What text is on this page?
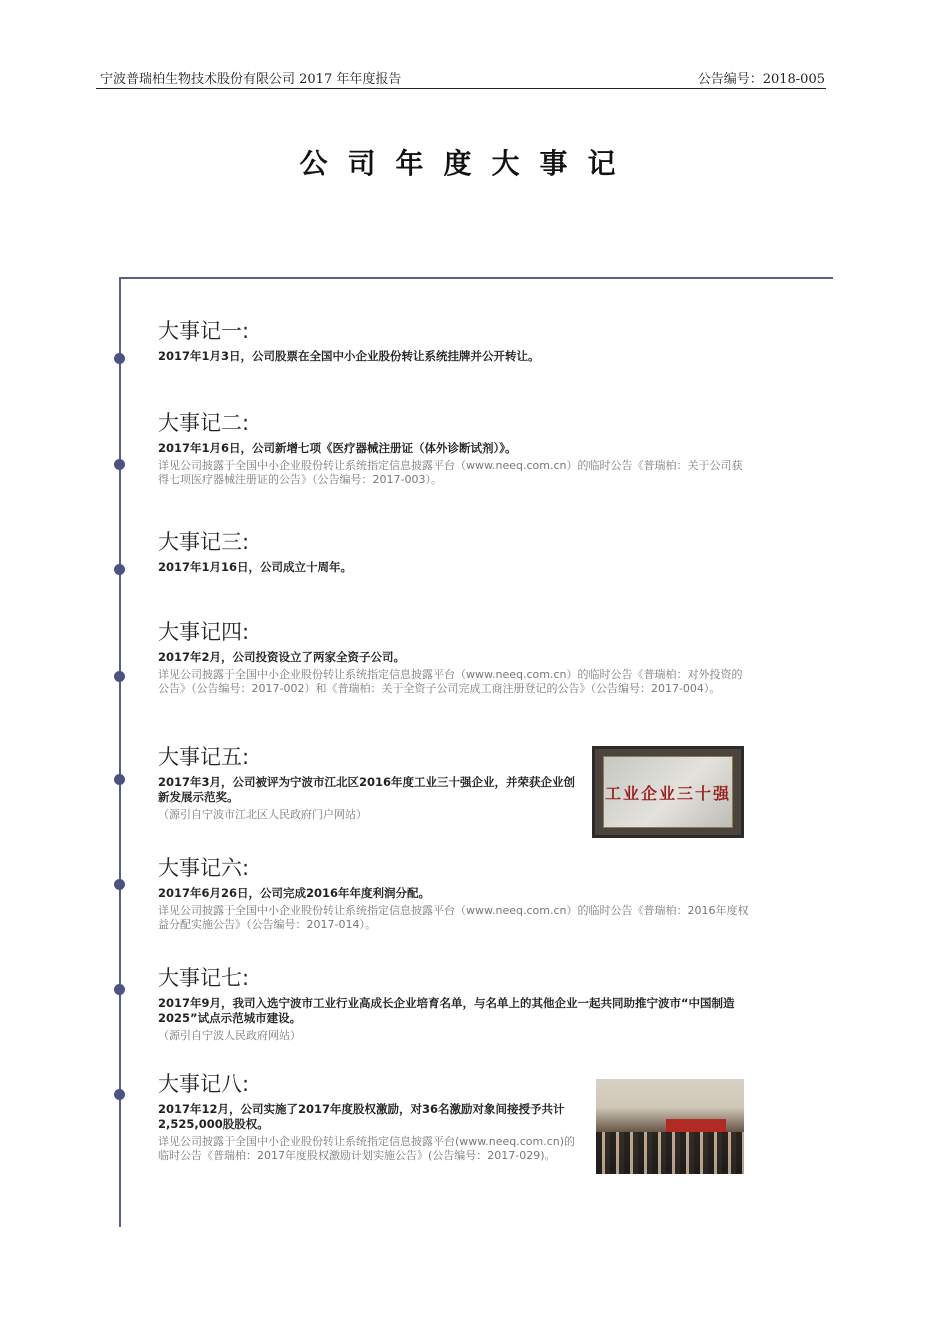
宁波普瑞柏生物技术股份有限公司 2017 年年度报告	公告编号：2018-005
公司年度大事记
大事记一:
2017年1月3日，公司股票在全国中小企业股份转让系统挂牌并公开转让。
大事记二:
2017年1月6日，公司新增七项《医疗器械注册证（体外诊断试剂）》。
详见公司披露于全国中小企业股份转让系统指定信息披露平台（www.neeq.com.cn）的临时公告《普瑞柏：关于公司获得七项医疗器械注册证的公告》（公告编号：2017-003）。
大事记三:
2017年1月16日，公司成立十周年。
大事记四:
2017年2月，公司投资设立了两家全资子公司。
详见公司披露于全国中小企业股份转让系统指定信息披露平台（www.neeq.com.cn）的临时公告《普瑞柏：对外投资的公告》（公告编号：2017-002）和《普瑞柏：关于全资子公司完成工商注册登记的公告》（公告编号：2017-004）。
大事记五:
2017年3月，公司被评为宁波市江北区2016年度工业三十强企业，并荣获企业创新发展示范奖。
（源引自宁波市江北区人民政府门户网站）
工业企业三十强
大事记六:
2017年6月26日，公司完成2016年年度利润分配。
详见公司披露于全国中小企业股份转让系统指定信息披露平台（www.neeq.com.cn）的临时公告《普瑞柏：2016年度权益分配实施公告》（公告编号：2017-014）。
大事记七:
2017年9月，我司入选宁波市工业行业高成长企业培育名单，与名单上的其他企业一起共同助推宁波市“中国制造2025”试点示范城市建设。
（源引自宁波人民政府网站）
大事记八:
2017年12月，公司实施了2017年度股权激励，对36名激励对象间接授予共计2,525,000股股权。
详见公司披露于全国中小企业股份转让系统指定信息披露平台(www.neeq.com.cn)的临时公告《普瑞柏：2017年度股权激励计划实施公告》(公告编号：2017-029)。
